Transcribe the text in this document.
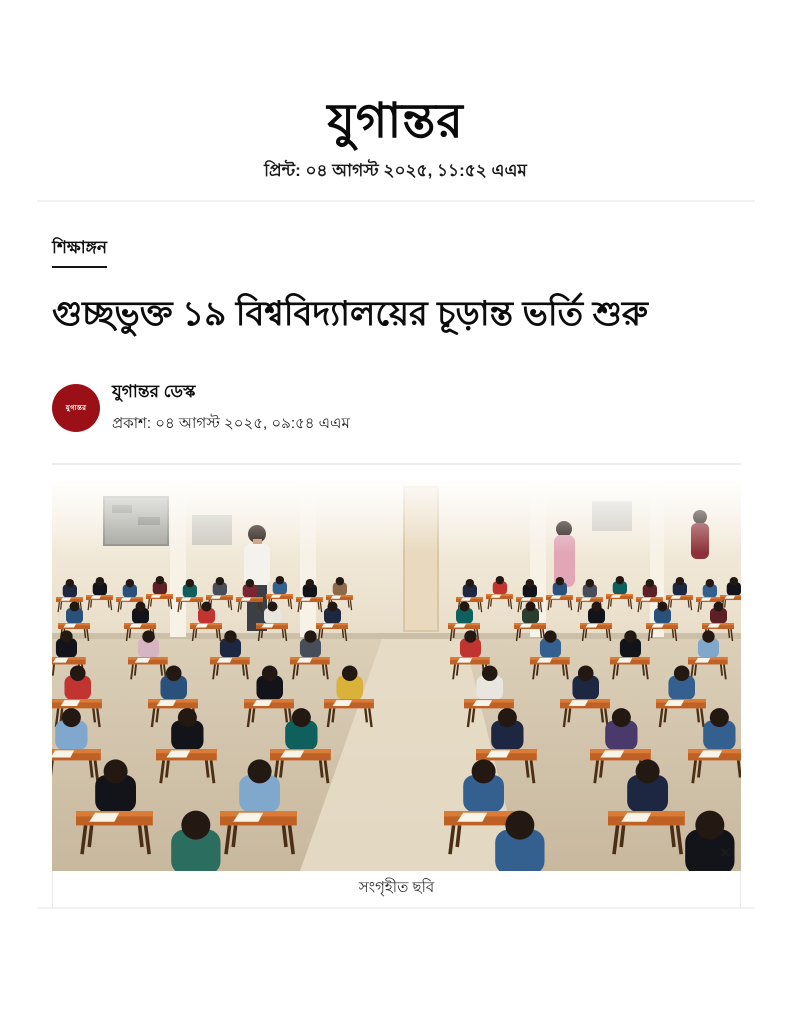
যুগান্তর
প্রিন্ট: ০৪ আগস্ট ২০২৫, ১১:৫২ এএম
শিক্ষাঙ্গন
গুচ্ছভুক্ত ১৯ বিশ্ববিদ্যালয়ের চূড়ান্ত ভর্তি শুরু
যুগান্তর
যুগান্তর ডেস্ক
প্রকাশ: ০৪ আগস্ট ২০২৫, ০৯:৫৪ এএম
×
সংগৃহীত ছবি
